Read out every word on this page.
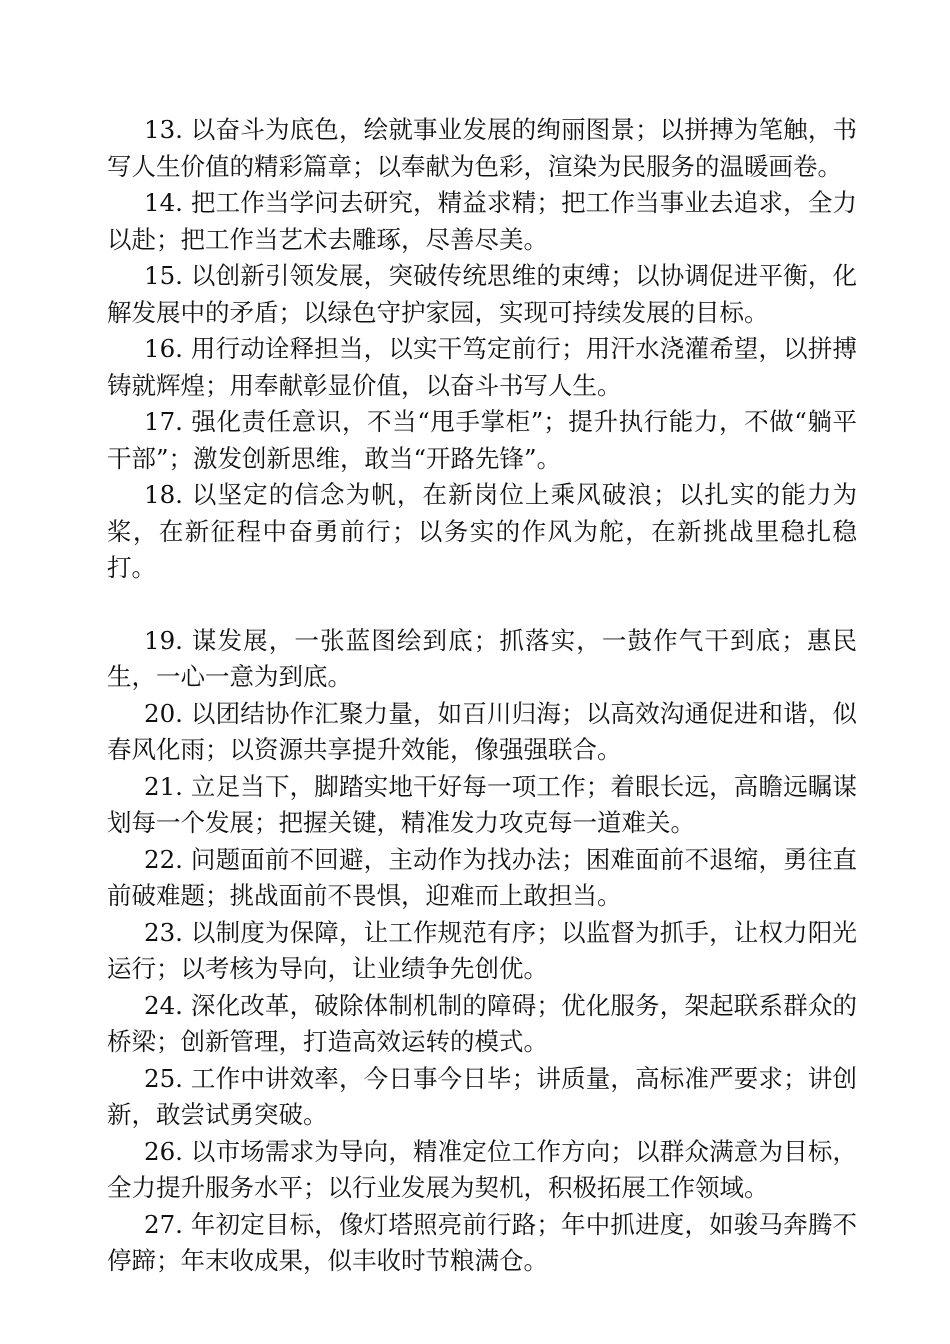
13. 以奋斗为底色，绘就事业发展的绚丽图景；以拼搏为笔触，书写人生价值的精彩篇章；以奉献为色彩，渲染为民服务的温暖画卷。

14. 把工作当学问去研究，精益求精；把工作当事业去追求，全力以赴；把工作当艺术去雕琢，尽善尽美。

15. 以创新引领发展，突破传统思维的束缚；以协调促进平衡，化解发展中的矛盾；以绿色守护家园，实现可持续发展的目标。

16. 用行动诠释担当，以实干笃定前行；用汗水浇灌希望，以拼搏铸就辉煌；用奉献彰显价值，以奋斗书写人生。

17. 强化责任意识，不当“甩手掌柜”；提升执行能力，不做“躺平干部”；激发创新思维，敢当“开路先锋”。

18. 以坚定的信念为帆，在新岗位上乘风破浪；以扎实的能力为桨，在新征程中奋勇前行；以务实的作风为舵，在新挑战里稳扎稳打。

19. 谋发展，一张蓝图绘到底；抓落实，一鼓作气干到底；惠民生，一心一意为到底。

20. 以团结协作汇聚力量，如百川归海；以高效沟通促进和谐，似春风化雨；以资源共享提升效能，像强强联合。

21. 立足当下，脚踏实地干好每一项工作；着眼长远，高瞻远瞩谋划每一个发展；把握关键，精准发力攻克每一道难关。

22. 问题面前不回避，主动作为找办法；困难面前不退缩，勇往直前破难题；挑战面前不畏惧，迎难而上敢担当。

23. 以制度为保障，让工作规范有序；以监督为抓手，让权力阳光运行；以考核为导向，让业绩争先创优。

24. 深化改革，破除体制机制的障碍；优化服务，架起联系群众的桥梁；创新管理，打造高效运转的模式。

25. 工作中讲效率，今日事今日毕；讲质量，高标准严要求；讲创新，敢尝试勇突破。

26. 以市场需求为导向，精准定位工作方向；以群众满意为目标，全力提升服务水平；以行业发展为契机，积极拓展工作领域。

27. 年初定目标，像灯塔照亮前行路；年中抓进度，如骏马奔腾不停蹄；年末收成果，似丰收时节粮满仓。
